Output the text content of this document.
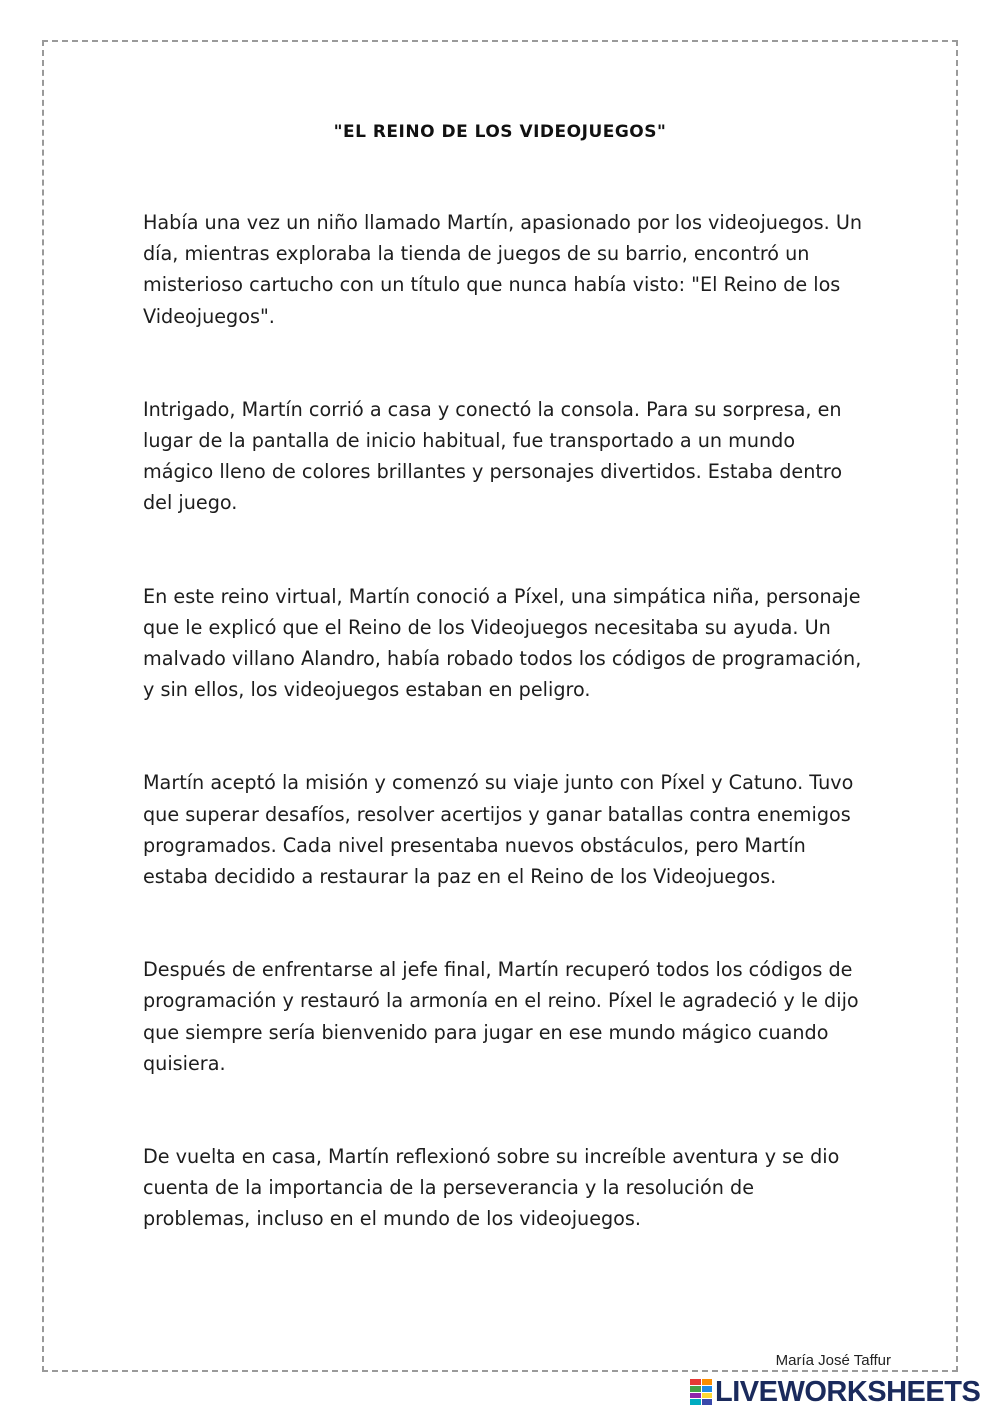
"EL REINO DE LOS VIDEOJUEGOS"

Había una vez un niño llamado Martín, apasionado por los videojuegos. Un día, mientras exploraba la tienda de juegos de su barrio, encontró un misterioso cartucho con un título que nunca había visto: "El Reino de los Videojuegos".

Intrigado, Martín corrió a casa y conectó la consola. Para su sorpresa, en lugar de la pantalla de inicio habitual, fue transportado a un mundo mágico lleno de colores brillantes y personajes divertidos. Estaba dentro del juego.

En este reino virtual, Martín conoció a Píxel, una simpática niña, personaje que le explicó que el Reino de los Videojuegos necesitaba su ayuda. Un malvado villano Alandro, había robado todos los códigos de programación, y sin ellos, los videojuegos estaban en peligro.

Martín aceptó la misión y comenzó su viaje junto con Píxel y Catuno. Tuvo que superar desafíos, resolver acertijos y ganar batallas contra enemigos programados. Cada nivel presentaba nuevos obstáculos, pero Martín estaba decidido a restaurar la paz en el Reino de los Videojuegos.

Después de enfrentarse al jefe final, Martín recuperó todos los códigos de programación y restauró la armonía en el reino. Píxel le agradeció y le dijo que siempre sería bienvenido para jugar en ese mundo mágico cuando quisiera.

De vuelta en casa, Martín reflexionó sobre su increíble aventura y se dio cuenta de la importancia de la perseverancia y la resolución de problemas, incluso en el mundo de los videojuegos.

María José Taffur
LIVEWORKSHEETS
